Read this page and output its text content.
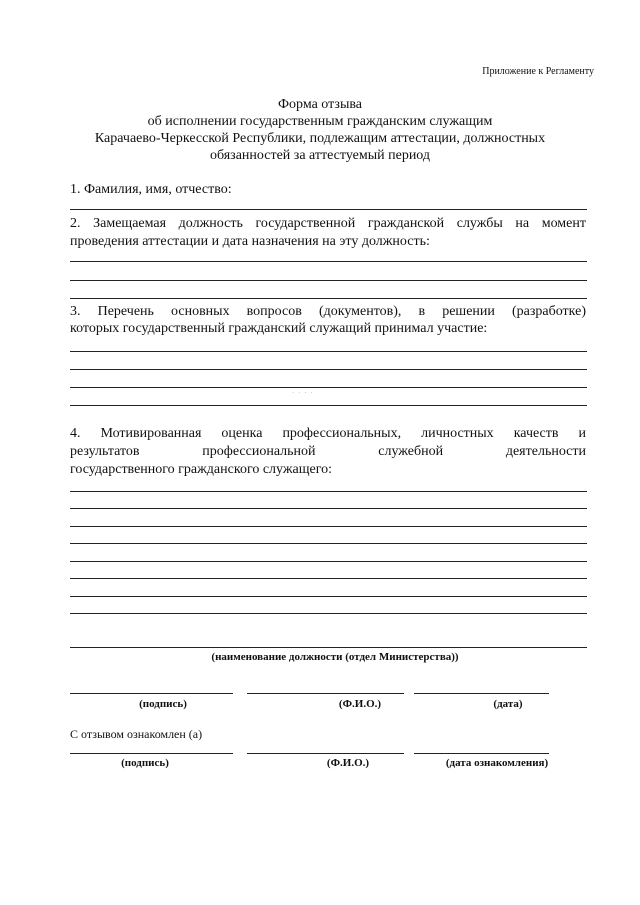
Приложение к Регламенту
Форма отзыва
об исполнении государственным гражданским служащим
Карачаево-Черкесской Республики, подлежащим аттестации, должностных
обязанностей за аттестуемый период
1. Фамилия, имя, отчество:
2. Замещаемая должность государственной гражданской службы на момент
проведения аттестации и дата назначения на эту должность:
3. Перечень основных вопросов (документов), в решении (разработке)
которых государственный гражданский служащий принимал участие:
· · · ·
4. Мотивированная оценка профессиональных, личностных качеств и
результатов профессиональной служебной деятельности
государственного гражданского служащего:
(наименование должности (отдел Министерства))
(подпись)	(Ф.И.О.)	(дата)
С отзывом ознакомлен (а)
(подпись)	(Ф.И.О.)	(дата ознакомления)
